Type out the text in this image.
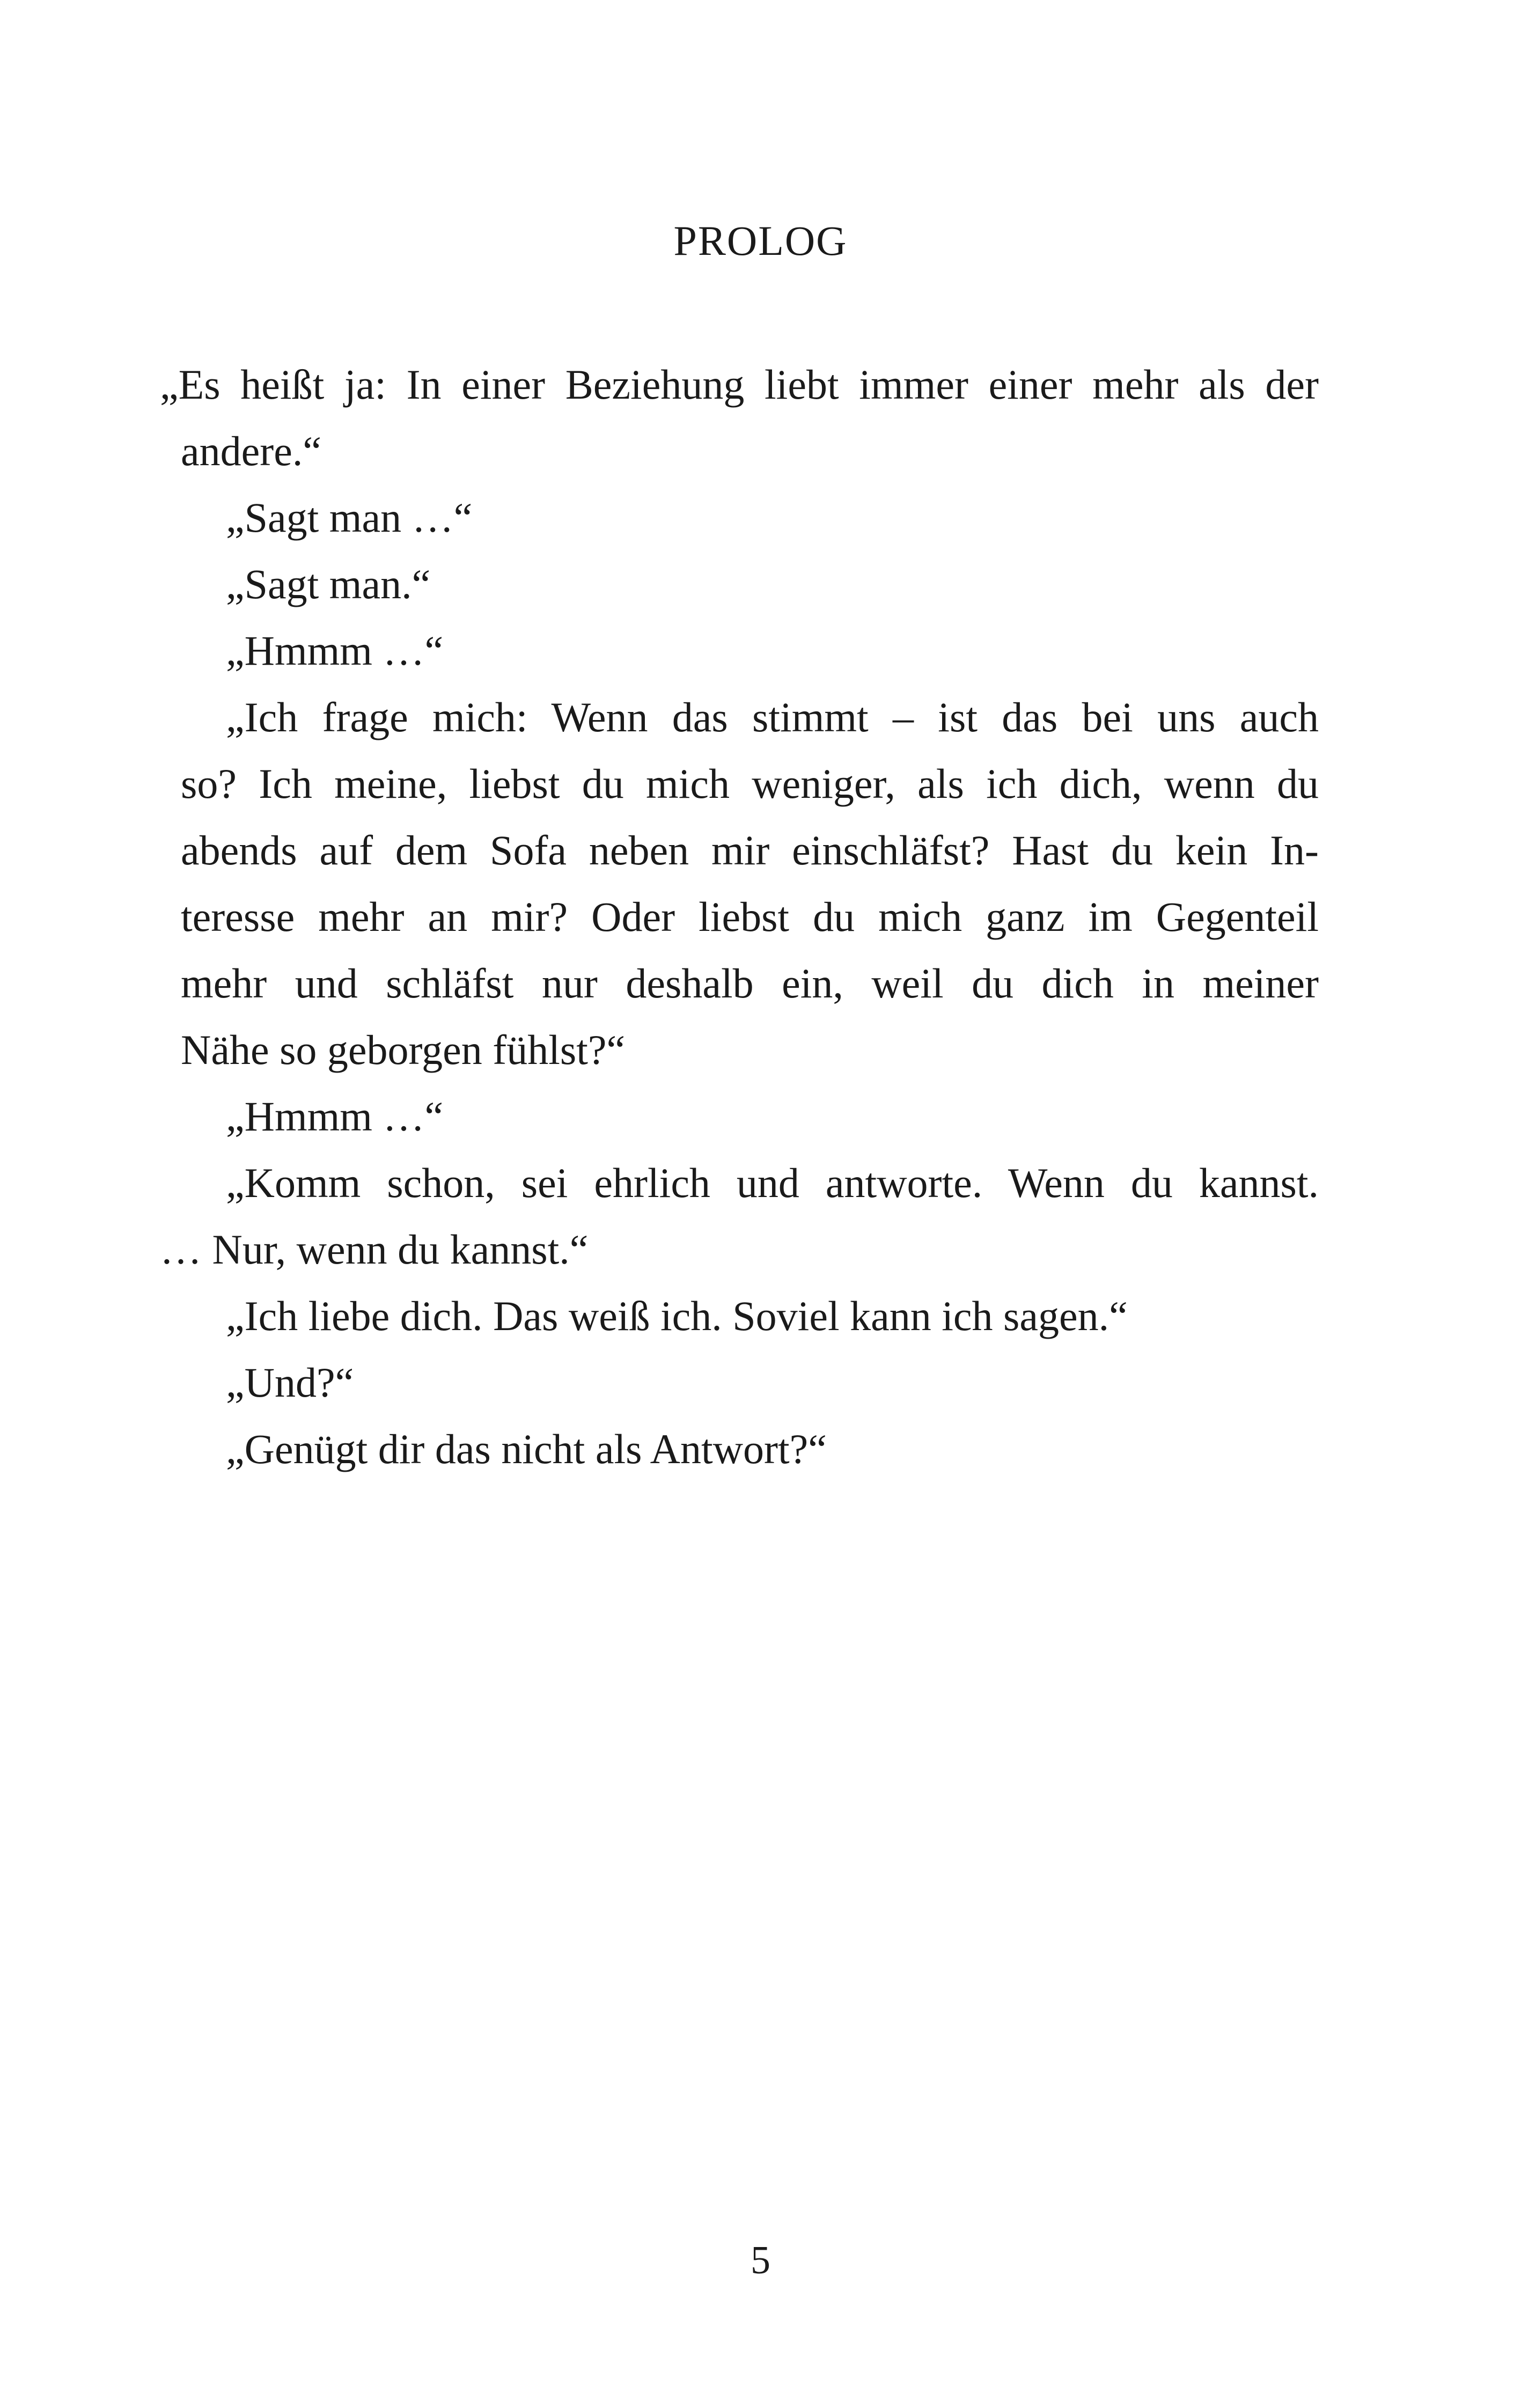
PROLOG
„Es heißt ja: In einer Beziehung liebt immer einer mehr als der
andere.“
„Sagt man …“
„Sagt man.“
„Hmmm …“
„Ich frage mich: Wenn das stimmt – ist das bei uns auch
so? Ich meine, liebst du mich weniger, als ich dich, wenn du
abends auf dem Sofa neben mir einschläfst? Hast du kein In-
teresse mehr an mir? Oder liebst du mich ganz im Gegenteil
mehr und schläfst nur deshalb ein, weil du dich in meiner
Nähe so geborgen fühlst?“
„Hmmm …“
„Komm schon, sei ehrlich und antworte. Wenn du kannst.
… Nur, wenn du kannst.“
„Ich liebe dich. Das weiß ich. Soviel kann ich sagen.“
„Und?“
„Genügt dir das nicht als Antwort?“
5
